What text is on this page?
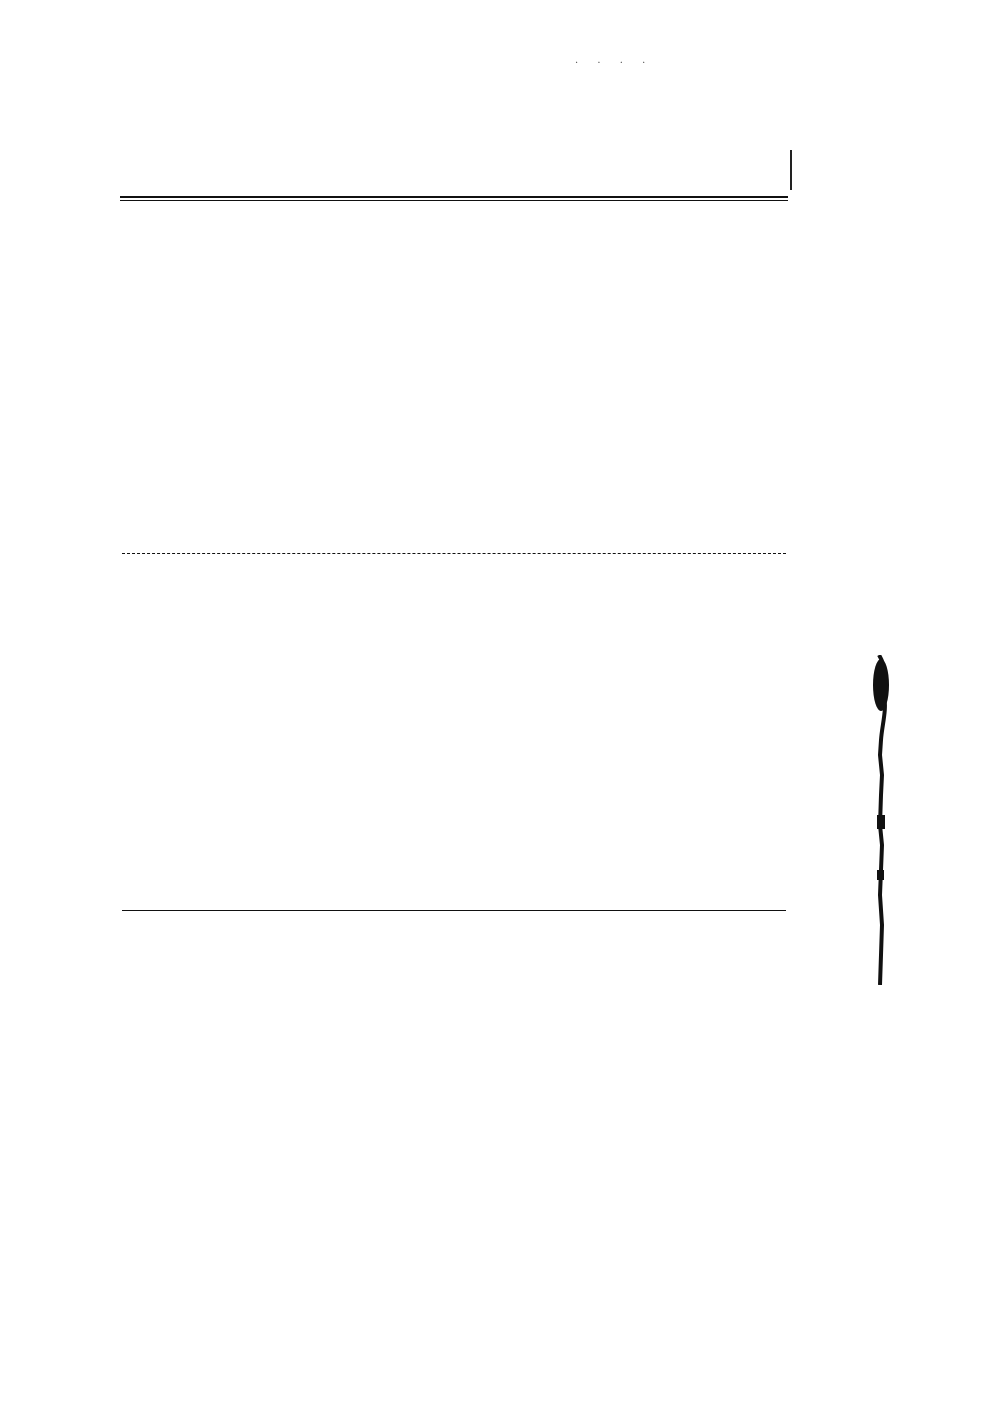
· · · ·
